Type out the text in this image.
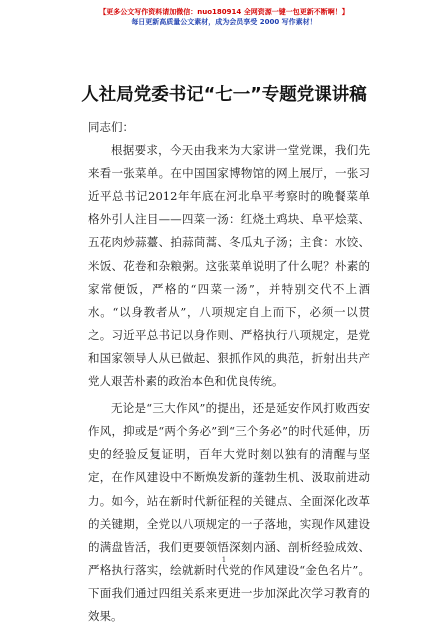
【更多公文写作资料请加微信：nuo180914 全网资源一键一包更新不断啊！】
每日更新高质量公文素材，成为会员享受 2000 写作素材！
人社局党委书记“七一”专题党课讲稿

同志们：

根据要求，今天由我来为大家讲一堂党课，我们先来看一张菜单。在中国国家博物馆的网上展厅，一张习近平总书记2012年年底在河北阜平考察时的晚餐菜单格外引人注目——四菜一汤：红烧土鸡块、阜平烩菜、五花肉炒蒜薹、拍蒜茼蒿、冬瓜丸子汤；主食：水饺、米饭、花卷和杂粮粥。这张菜单说明了什么呢？朴素的家常便饭，严格的“四菜一汤”，并特别交代不上酒水。“以身教者从”，八项规定自上而下，必须一以贯之。习近平总书记以身作则、严格执行八项规定，是党和国家领导人从已做起、狠抓作风的典范，折射出共产党人艰苦朴素的政治本色和优良传统。

无论是“三大作风”的提出，还是延安作风打败西安作风，抑或是“两个务必”到“三个务必”的时代延伸，历史的经验反复证明，百年大党时刻以独有的清醒与坚定，在作风建设中不断焕发新的蓬勃生机、汲取前进动力。如今，站在新时代新征程的关键点、全面深化改革的关键期，全党以八项规定的一子落地，实现作风建设的满盘皆活，我们更要领悟深刻内涵、剖析经验成效、严格执行落实，绘就新时代党的作风建设“金色名片”。下面我们通过四组关系来更进一步加深此次学习教育的效果。

1
